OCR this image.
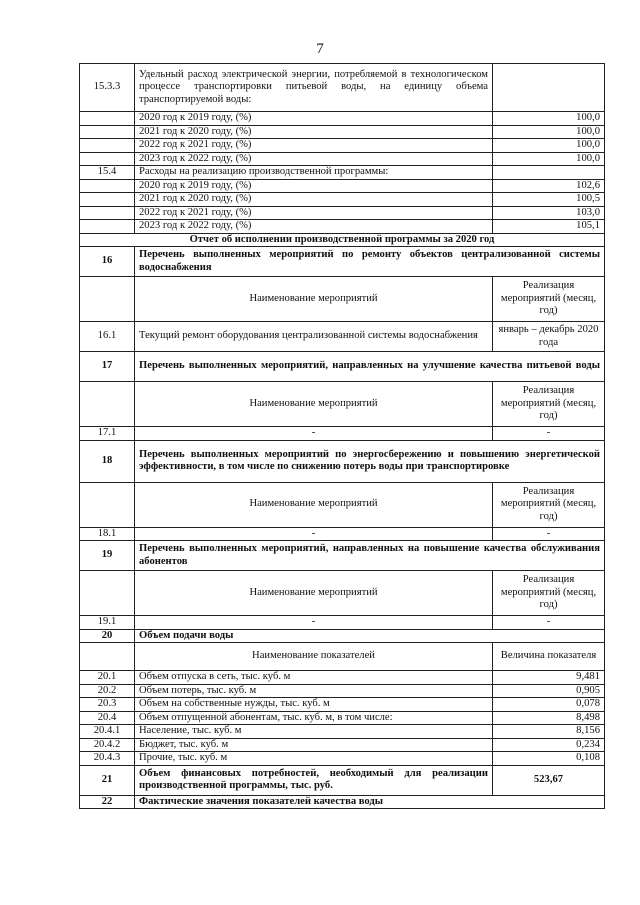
7
15.3.3	Удельный расход электрической энергии, потребляемой в технологическом процессе транспортировки питьевой воды, на единицу объема транспортируемой воды:	
	2020 год к 2019 году, (%)	100,0
	2021 год к 2020 году, (%)	100,0
	2022 год к 2021 году, (%)	100,0
	2023 год к 2022 году, (%)	100,0
15.4	Расходы на реализацию производственной программы:	
	2020 год к 2019 году, (%)	102,6
	2021 год к 2020 году, (%)	100,5
	2022 год к 2021 году, (%)	103,0
	2023 год к 2022 году, (%)	105,1
Отчет об исполнении производственной программы за 2020 год		
16	Перечень выполненных мероприятий по ремонту объектов централизованной системы водоснабжения	
	Наименование мероприятий	Реализация мероприятий (месяц, год)
16.1	Текущий ремонт оборудования централизованной системы водоснабжения	январь – декабрь 2020 года
17	Перечень выполненных мероприятий, направленных на улучшение качества питьевой воды	
	Наименование мероприятий	Реализация мероприятий (месяц, год)
17.1	-	-
18	Перечень выполненных мероприятий по энергосбережению и повышению энергетической эффективности, в том числе по снижению потерь воды при транспортировке	
	Наименование мероприятий	Реализация мероприятий (месяц, год)
18.1	-	-
19	Перечень выполненных мероприятий, направленных на повышение качества обслуживания абонентов	
	Наименование мероприятий	Реализация мероприятий (месяц, год)
19.1	-	-
20	Объем подачи воды	
	Наименование показателей	Величина показателя
20.1	Объем отпуска в сеть, тыс. куб. м	9,481
20.2	Объем потерь, тыс. куб. м	0,905
20.3	Объем на собственные нужды, тыс. куб. м	0,078
20.4	Объем отпущенной абонентам, тыс. куб. м, в том числе:	8,498
20.4.1	Население, тыс. куб. м	8,156
20.4.2	Бюджет, тыс. куб. м	0,234
20.4.3	Прочие, тыс. куб. м	0,108
21	Объем финансовых потребностей, необходимый для реализации производственной программы, тыс. руб.	523,67
22	Фактические значения показателей качества воды	
